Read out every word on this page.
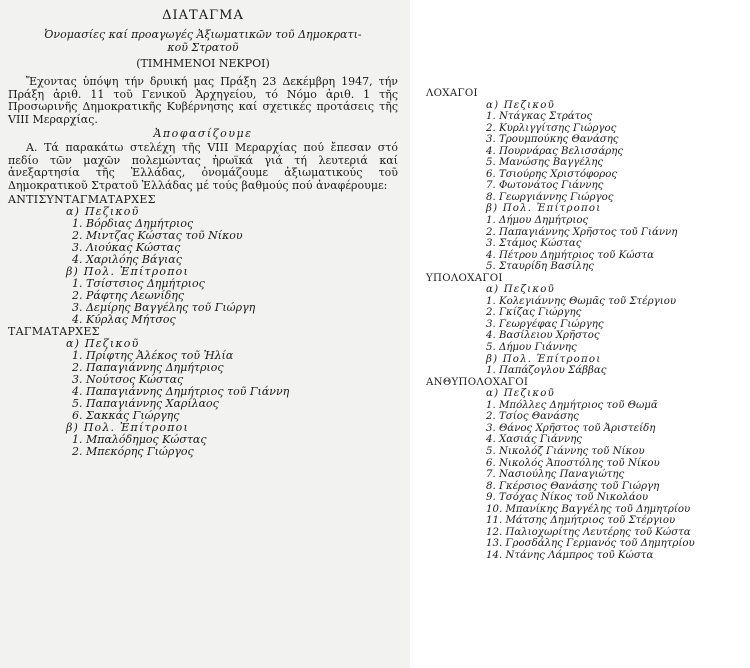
ΔΙΑΤΑΓΜΑ
Ὀνομασίες καί προαγωγές Ἀξιωματικῶν τοῦ Δημοκρατι-κοῦ Στρατοῦ
(ΤΙΜΗΜΕΝΟΙ ΝΕΚΡΟΙ)
Ἔχοντας ὑπόψη τήν δρυική μας Πράξη 23 Δεκέμβρη 1947, τήν Πράξη ἀριθ. 11 τοῦ Γενικοῦ Ἀρχηγείου, τό Νόμο ἀριθ. 1 τῆς Προσωρινῆς Δημοκρατικῆς Κυβέρνησης καί σχετικές προτάσεις τῆς VIII Μεραρχίας.
Ἀποφασίζουμε
Α. Τά παρακάτω στελέχη τῆς VIII Μεραρχίας πού ἔπεσαν στό πεδίο τῶν μαχῶν πολεμώντας ἡρωϊκά γιά τή λευτεριά καί ἀνεξαρτησία τῆς Ἑλλάδας, ὀνομάζουμε ἀξιωματικούς τοῦ Δημοκρατικοῦ Στρατοῦ Ἑλλάδας μέ τούς βαθμούς πού ἀναφέρουμε:
ΑΝΤΙΣΥΝΤΑΓΜΑΤΑΡΧΕΣ
α) Πεζικοῦ
1. Βόρδιας Δημήτριος
2. Μιντζας Κώστας τοῦ Νίκου
3. Λιούκας Κώστας
4. Χαριλόης Βάγιας
β) Πολ. Ἐπίτροποι
1. Τσίστσιος Δημήτριος
2. Ράφτης Λεωνίδης
3. Δεμίρης Βαγγέλης τοῦ Γιώργη
4. Κύρλας Μήτσος
ΤΑΓΜΑΤΑΡΧΕΣ
α) Πεζικοῦ
1. Πρίφτης Ἀλέκος τοῦ Ἠλία
2. Παπαγιάννης Δημήτριος
3. Νούτσος Κώστας
4. Παπαγιάννης Δημήτριος τοῦ Γιάννη
5. Παπαγιάννης Χαρίλαος
6. Σακκάς Γιώργης
β) Πολ. Ἐπίτροποι
1. Μπαλόδημος Κώστας
2. Μπεκόρης Γιώργος
ΛΟΧΑΓΟΙ
α) Πεζικοῦ
1. Ντάγκας Στράτος
2. Κυρλιγγίτσης Γιώργος
3. Τρουμπούκης Θανάσης
4. Πουρνάρας Βελισσάρης
5. Μανώσης Βαγγέλης
6. Τσιούρης Χριστόφορος
7. Φωτονάτος Γιάννης
8. Γεωργιάννης Γιώργος
β) Πολ. Ἐπίτροποι
1. Δήμου Δημήτριος
2. Παπαγιάννης Χρῆστος τοῦ Γιάννη
3. Στάμος Κώστας
4. Πέτρου Δημήτριος τοῦ Κώστα
5. Σταυρίδη Βασίλης
ΥΠΟΛΟΧΑΓΟΙ
α) Πεζικοῦ
1. Κολεγιάννης Θωμᾶς τοῦ Στέργιου
2. Γκίζας Γιώργης
3. Γεωργέφας Γιώργης
4. Βασίλειου Χρῆστος
5. Δήμου Γιάννης
β) Πολ. Ἐπίτροποι
1. Παπάζογλου Σάββας
ΑΝΘΥΠΟΛΟΧΑΓΟΙ
α) Πεζικοῦ
1. Μπόλλες Δημήτριος τοῦ Θωμᾶ
2. Τσίος Θανάσης
3. Θάνος Χρῆστος τοῦ Ἀριστείδη
4. Χασιάς Γιάννης
5. Νικολόζ Γιάννης τοῦ Νίκου
6. Νικολός Ἀποστόλης τοῦ Νίκου
7. Νασιούλης Παναγιώτης
8. Γκέρσιος Θανάσης τοῦ Γιώργη
9. Τσόχας Νίκος τοῦ Νικολάου
10. Μπανίκης Βαγγέλης τοῦ Δημητρίου
11. Μάτσης Δημήτριος τοῦ Στέργιου
12. Παλιοχωρίτης Λευτέρης τοῦ Κώστα
13. Γροσδάλης Γερμανός τοῦ Δημητρίου
14. Ντάνης Λάμπρος τοῦ Κώστα
